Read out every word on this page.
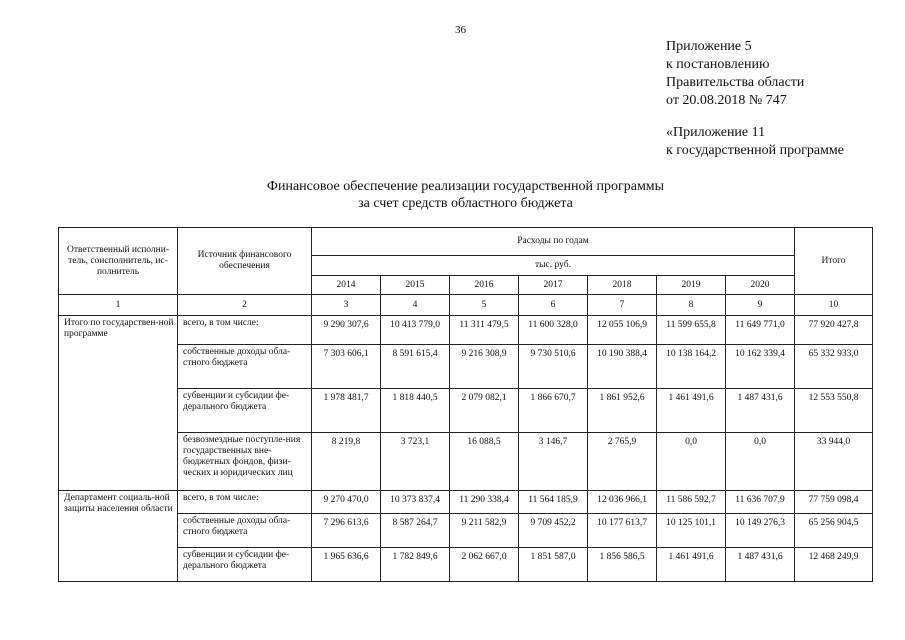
36
Приложение 5
к постановлению
Правительства области
от 20.08.2018 № 747
«Приложение 11
к государственной программе
Финансовое обеспечение реализации государственной программы
за счет средств областного бюджета
Ответственный исполни-тель, соисполнитель, ис-полнитель	Источник финансового обеспечения	Расходы по годам							Итого
		тыс. руб.							
		2014	2015	2016	2017	2018	2019	2020	
1	2	3	4	5	6	7	8	9	10
Итого по государствен-ной программе	всего, в том числе:	9 290 307,6	10 413 779,0	11 311 479,5	11 600 328,0	12 055 106,9	11 599 655,8	11 649 771,0	77 920 427,8
	собственные доходы обла-стного бюджета	7 303 606,1	8 591 615,4	9 216 308,9	9 730 510,6	10 190 388,4	10 138 164,2	10 162 339,4	65 332 933,0
	субвенции и субсидии фе-дерального бюджета	1 978 481,7	1 818 440,5	2 079 082,1	1 866 670,7	1 861 952,6	1 461 491,6	1 487 431,6	12 553 550,8
	безвозмездные поступле-ния государственных вне-бюджетных фондов, физи-ческих и юридических лиц	8 219,8	3 723,1	16 088,5	3 146,7	2 765,9	0,0	0,0	33 944,0
Департамент социаль-ной защиты населения области	всего, в том числе:	9 270 470,0	10 373 837,4	11 290 338,4	11 564 185,9	12 036 966,1	11 586 592,7	11 636 707,9	77 759 098,4
	собственные доходы обла-стного бюджета	7 296 613,6	8 587 264,7	9 211 582,9	9 709 452,2	10 177 613,7	10 125 101,1	10 149 276,3	65 256 904,5
	субвенции и субсидии фе-дерального бюджета	1 965 636,6	1 782 849,6	2 062 667,0	1 851 587,0	1 856 586,5	1 461 491,6	1 487 431,6	12 468 249,9
